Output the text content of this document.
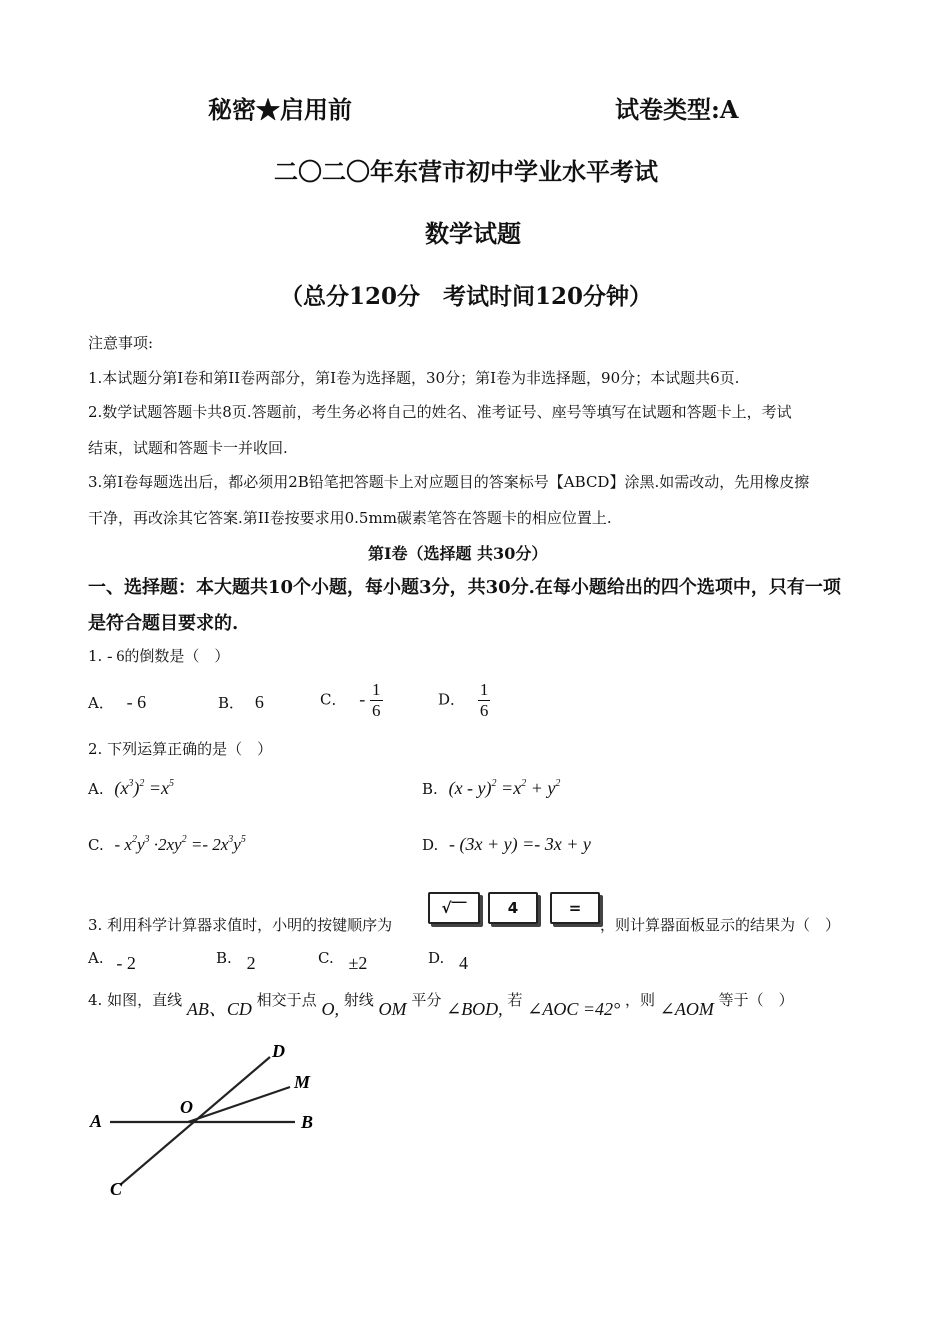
秘密★启用前	试卷类型:A
二〇二〇年东营市初中学业水平考试
数学试题
（总分120分　考试时间120分钟）
注意事项:
1.本试题分第I卷和第II卷两部分，第I卷为选择题，30分；第I卷为非选择题，90分；本试题共6页.
2.数学试题答题卡共8页.答题前，考生务必将自己的姓名、准考证号、座号等填写在试题和答题卡上，考试
结束，试题和答题卡一并收回.
3.第I卷每题选出后，都必须用2B铅笔把答题卡上对应题目的答案标号【ABCD】涂黑.如需改动，先用橡皮擦
干净，再改涂其它答案.第II卷按要求用0.5mm碳素笔答在答题卡的相应位置上.
第I卷（选择题 共30分）
一、选择题：本大题共10个小题，每小题3分，共30分.在每小题给出的四个选项中，只有一项
是符合题目要求的.
1. - 6的倒数是（　）
A． - 6	B． 6	C． - $\frac{1}{6}$	D． $\frac{1}{6}$
2. 下列运算正确的是（　）
A. $(x^3)^2 =x^5$	B. $(x - y)^2 =x^2 + y^2$
C. - $x^2y^3 \cdot 2xy^2 =- 2x^3y^5$	D. - (3x + y) =- 3x + y
3. 利用科学计算器求值时，小明的按键顺序为
√‾‾	4	=
，则计算器面板显示的结果为（　）
A. - 2	B. 2	C. ±2	D. 4
4. 如图，直线 AB、CD 相交于点 O, 射线 OM 平分 ∠BOD, 若 ∠AOC =42° ，则 ∠AOM 等于（　）
A	B
C
D
M
O
